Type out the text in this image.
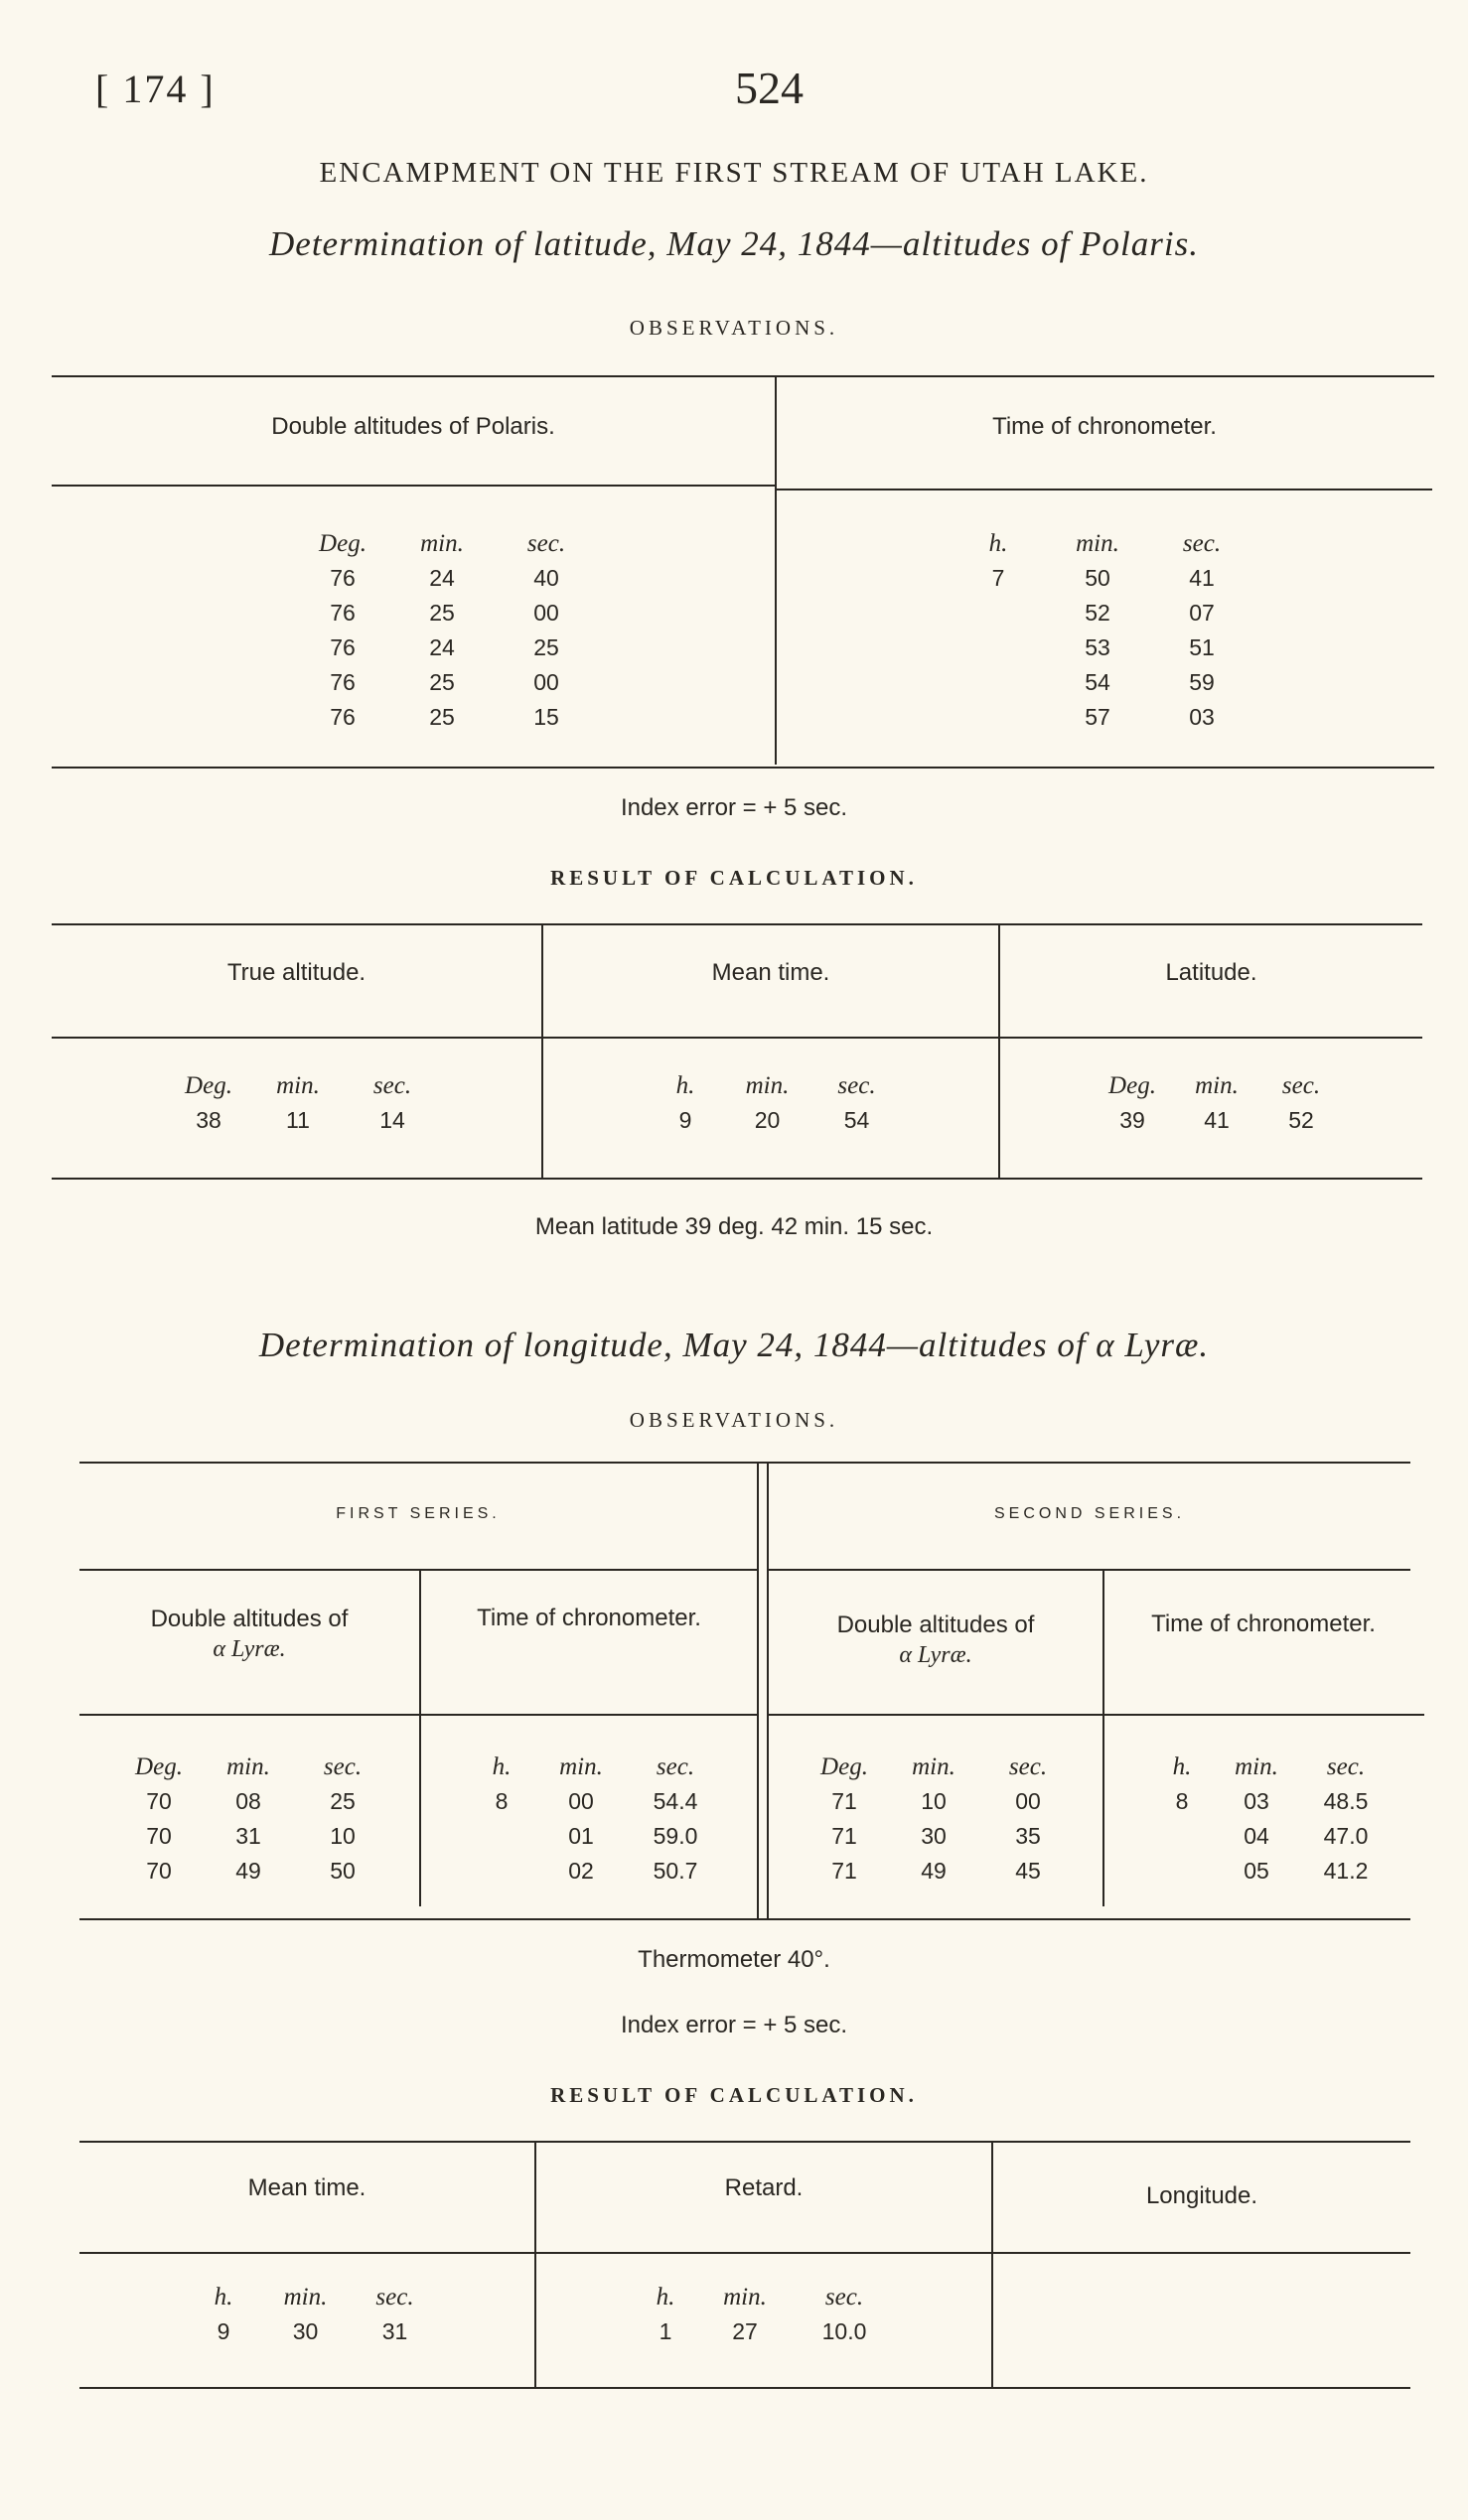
[ 174 ]	524
ENCAMPMENT ON THE FIRST STREAM OF UTAH LAKE.
Determination of latitude, May 24, 1844—altitudes of Polaris.
OBSERVATIONS.
Double altitudes of Polaris.	Time of chronometer.
Deg.	min.	sec.
76	24	40
76	25	00
76	24	25
76	25	00
76	25	15
h.	min.	sec.
7	50	41
	52	07
	53	51
	54	59
	57	03
Index error = + 5 sec.
RESULT OF CALCULATION.
True altitude.	Mean time.	Latitude.
Deg.	min.	sec.
38	11	14
h.	min.	sec.
9	20	54
Deg.	min.	sec.
39	41	52
Mean latitude 39 deg. 42 min. 15 sec.
Determination of longitude, May 24, 1844—altitudes of α Lyræ.
OBSERVATIONS.
FIRST SERIES.	SECOND SERIES.
Double altitudes of
α Lyræ.
Time of chronometer.	Double altitudes of
α Lyræ.
Time of chronometer.
Deg.	min.	sec.
70	08	25
70	31	10
70	49	50
h.	min.	sec.
8	00	54.4
	01	59.0
	02	50.7
Deg.	min.	sec.
71	10	00
71	30	35
71	49	45
h.	min.	sec.
8	03	48.5
	04	47.0
	05	41.2
Thermometer 40°.
Index error = + 5 sec.
RESULT OF CALCULATION.
Mean time.	Retard.	Longitude.
h.	min.	sec.
9	30	31
h.	min.	sec.
1	27	10.0
